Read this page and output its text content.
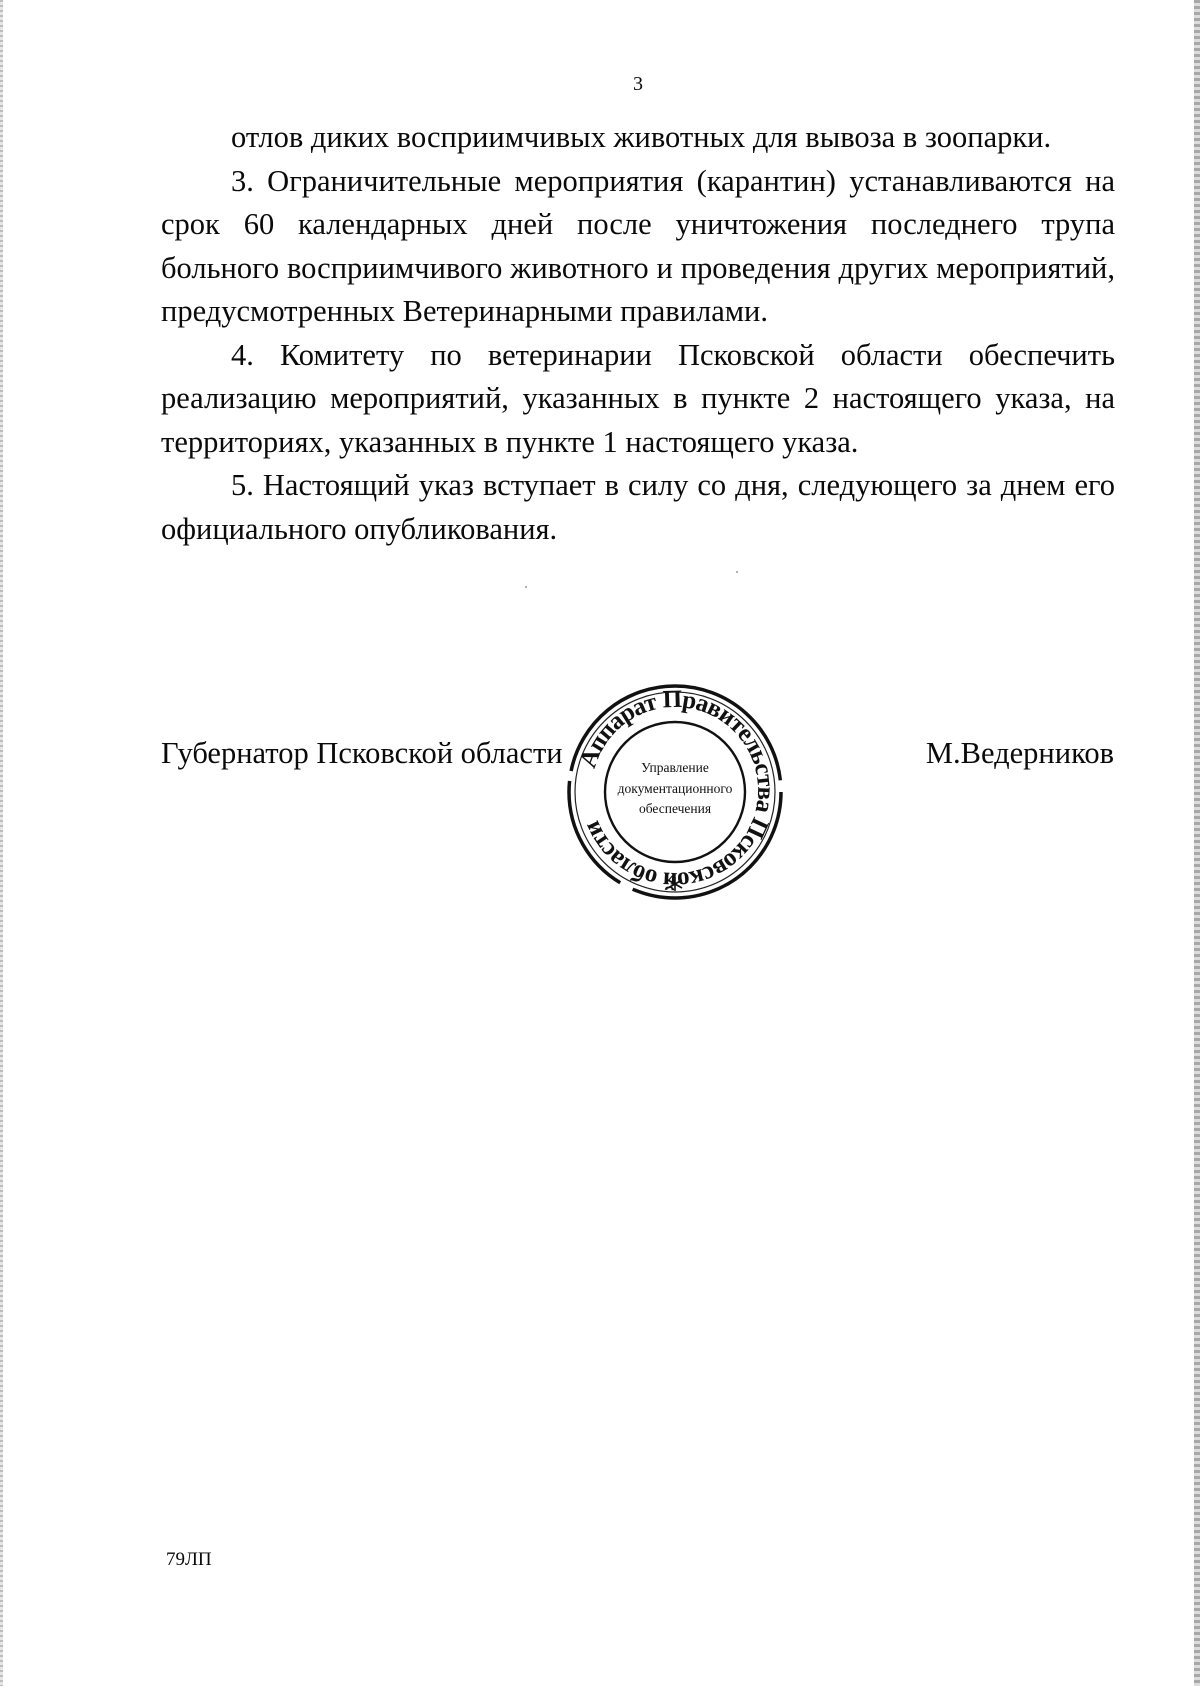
3

отлов диких восприимчивых животных для вывоза в зоопарки.

3. Ограничительные мероприятия (карантин) устанавливаются на срок 60 календарных дней после уничтожения последнего трупа больного восприимчивого животного и проведения других мероприятий, предусмотренных Ветеринарными правилами.

4. Комитету по ветеринарии Псковской области обеспечить реализацию мероприятий, указанных в пункте 2 настоящего указа, на территориях, указанных в пункте 1 настоящего указа.

5. Настоящий указ вступает в силу со дня, следующего за днем его официального опубликования.

Губернатор Псковской области Аппарат Правительства Псковской области
Управление
документационного
обеспечения
М.Ведерников
79ЛП
